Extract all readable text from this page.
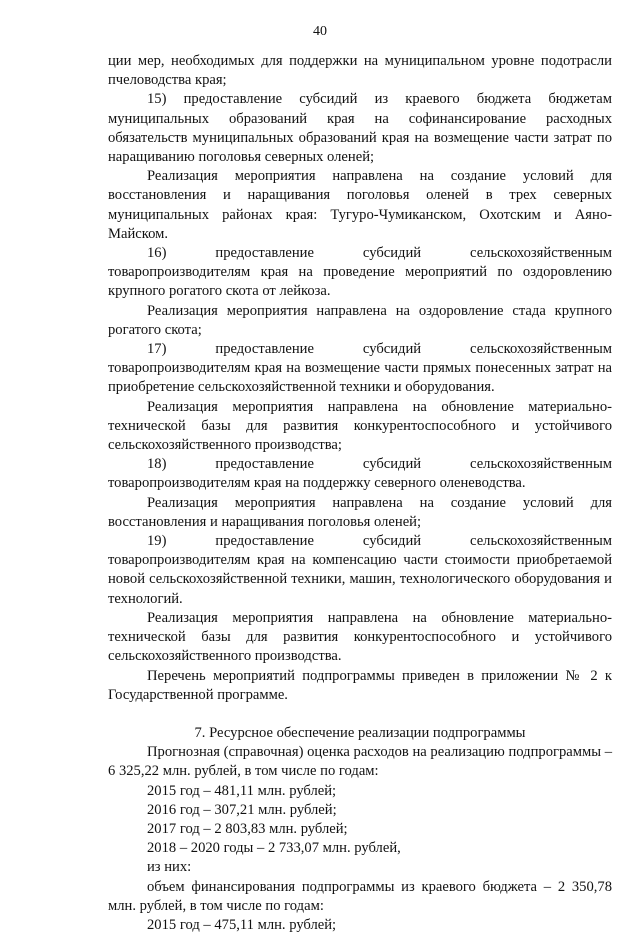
40

ции мер, необходимых для поддержки на муниципальном уровне подотрасли пчеловодства края;

15) предоставление субсидий из краевого бюджета бюджетам муниципальных образований края на софинансирование расходных обязательств муниципальных образований края на возмещение части затрат по наращиванию поголовья северных оленей;

Реализация мероприятия направлена на создание условий для восстановления и наращивания поголовья оленей в трех северных муниципальных районах края: Тугуро-Чумиканском, Охотским и Аяно-Майском.

16) предоставление субсидий сельскохозяйственным товаропроизводителям края на проведение мероприятий по оздоровлению крупного рогатого скота от лейкоза.

Реализация мероприятия направлена на оздоровление стада крупного рогатого скота;

17) предоставление субсидий сельскохозяйственным товаропроизводителям края на возмещение части прямых понесенных затрат на приобретение сельскохозяйственной техники и оборудования.

Реализация мероприятия направлена на обновление материально-технической базы для развития конкурентоспособного и устойчивого сельскохозяйственного производства;

18) предоставление субсидий сельскохозяйственным товаропроизводителям края на поддержку северного оленеводства.

Реализация мероприятия направлена на создание условий для восстановления и наращивания поголовья оленей;

19) предоставление субсидий сельскохозяйственным товаропроизводителям края на компенсацию части стоимости приобретаемой новой сельскохозяйственной техники, машин, технологического оборудования и технологий.

Реализация мероприятия направлена на обновление материально-технической базы для развития конкурентоспособного и устойчивого сельскохозяйственного производства.

Перечень мероприятий подпрограммы приведен в приложении № 2 к Государственной программе.

7. Ресурсное обеспечение реализации подпрограммы

Прогнозная (справочная) оценка расходов на реализацию подпрограммы – 6 325,22 млн. рублей, в том числе по годам:

2015 год – 481,11 млн. рублей;

2016 год – 307,21 млн. рублей;

2017 год – 2 803,83 млн. рублей;

2018 – 2020 годы – 2 733,07 млн. рублей,

из них:

объем финансирования подпрограммы из краевого бюджета – 2 350,78 млн. рублей, в том числе по годам:

2015 год – 475,11 млн. рублей;
